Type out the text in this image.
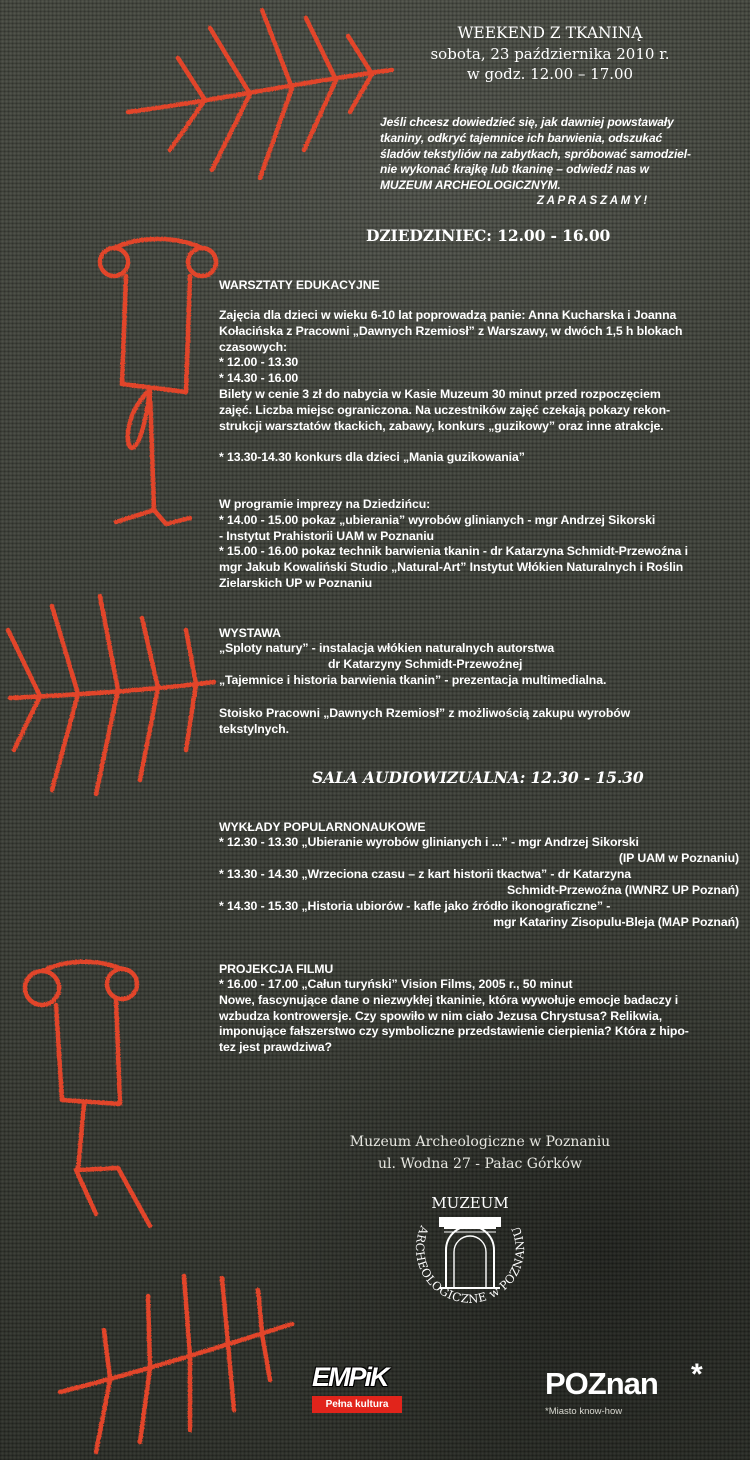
WEEKEND Z TKANINĄ
sobota, 23 października 2010 r.
w godz. 12.00 – 17.00
Jeśli chcesz dowiedzieć się, jak dawniej powstawały
tkaniny, odkryć tajemnice ich barwienia, odszukać
śladów tekstyliów na zabytkach, spróbować samodziel-
nie wykonać krajkę lub tkaninę – odwiedź nas w
MUZEUM ARCHEOLOGICZNYM.
Z A P R A S Z A M Y !
DZIEDZINIEC: 12.00 - 16.00
WARSZTATY EDUKACYJNE
Zajęcia dla dzieci w wieku 6-10 lat poprowadzą panie: Anna Kucharska i Joanna
Kołacińska z Pracowni „Dawnych Rzemiosł” z Warszawy, w dwóch 1,5 h blokach
czasowych:
* 12.00 - 13.30
* 14.30 - 16.00
Bilety w cenie 3 zł do nabycia w Kasie Muzeum 30 minut przed rozpoczęciem
zajęć. Liczba miejsc ograniczona. Na uczestników zajęć czekają pokazy rekon-
strukcji warsztatów tkackich, zabawy, konkurs „guzikowy” oraz inne atrakcje.
* 13.30-14.30 konkurs dla dzieci „Mania guzikowania”
W programie imprezy na Dziedzińcu:
* 14.00 - 15.00 pokaz „ubierania” wyrobów glinianych - mgr Andrzej Sikorski
- Instytut Prahistorii UAM w Poznaniu
* 15.00 - 16.00 pokaz technik barwienia tkanin - dr Katarzyna Schmidt-Przewoźna i
mgr Jakub Kowaliński Studio „Natural-Art” Instytut Włókien Naturalnych i Roślin
Zielarskich UP w Poznaniu
WYSTAWA
„Sploty natury” - instalacja włókien naturalnych autorstwa
dr Katarzyny Schmidt-Przewoźnej
„Tajemnice i historia barwienia tkanin” - prezentacja multimedialna.
Stoisko Pracowni „Dawnych Rzemiosł” z możliwością zakupu wyrobów
tekstylnych.
SALA AUDIOWIZUALNA: 12.30 - 15.30
WYKŁADY POPULARNONAUKOWE
* 12.30 - 13.30 „Ubieranie wyrobów glinianych i ...” - mgr Andrzej Sikorski
(IP UAM w Poznaniu)
* 13.30 - 14.30 „Wrzeciona czasu – z kart historii tkactwa” - dr Katarzyna
Schmidt-Przewoźna (IWNRZ UP Poznań)
* 14.30 - 15.30 „Historia ubiorów - kafle jako źródło ikonograficzne” -
mgr Katariny Zisopulu-Bleja (MAP Poznań)
PROJEKCJA FILMU
* 16.00 - 17.00 „Całun turyński” Vision Films, 2005 r., 50 minut
Nowe, fascynujące dane o niezwykłej tkaninie, która wywołuje emocje badaczy i
wzbudza kontrowersje. Czy spowiło w nim ciało Jezusa Chrystusa? Relikwia,
imponujące fałszerstwo czy symboliczne przedstawienie cierpienia? Która z hipo-
tez jest prawdziwa?
Muzeum Archeologiczne w Poznaniu
ul. Wodna 27 - Pałac Górków
MUZEUM
ARCHEOLOGICZNE w POZNANIU
EMPiK
Pełna kultura
POZnan *
*Miasto know-how
